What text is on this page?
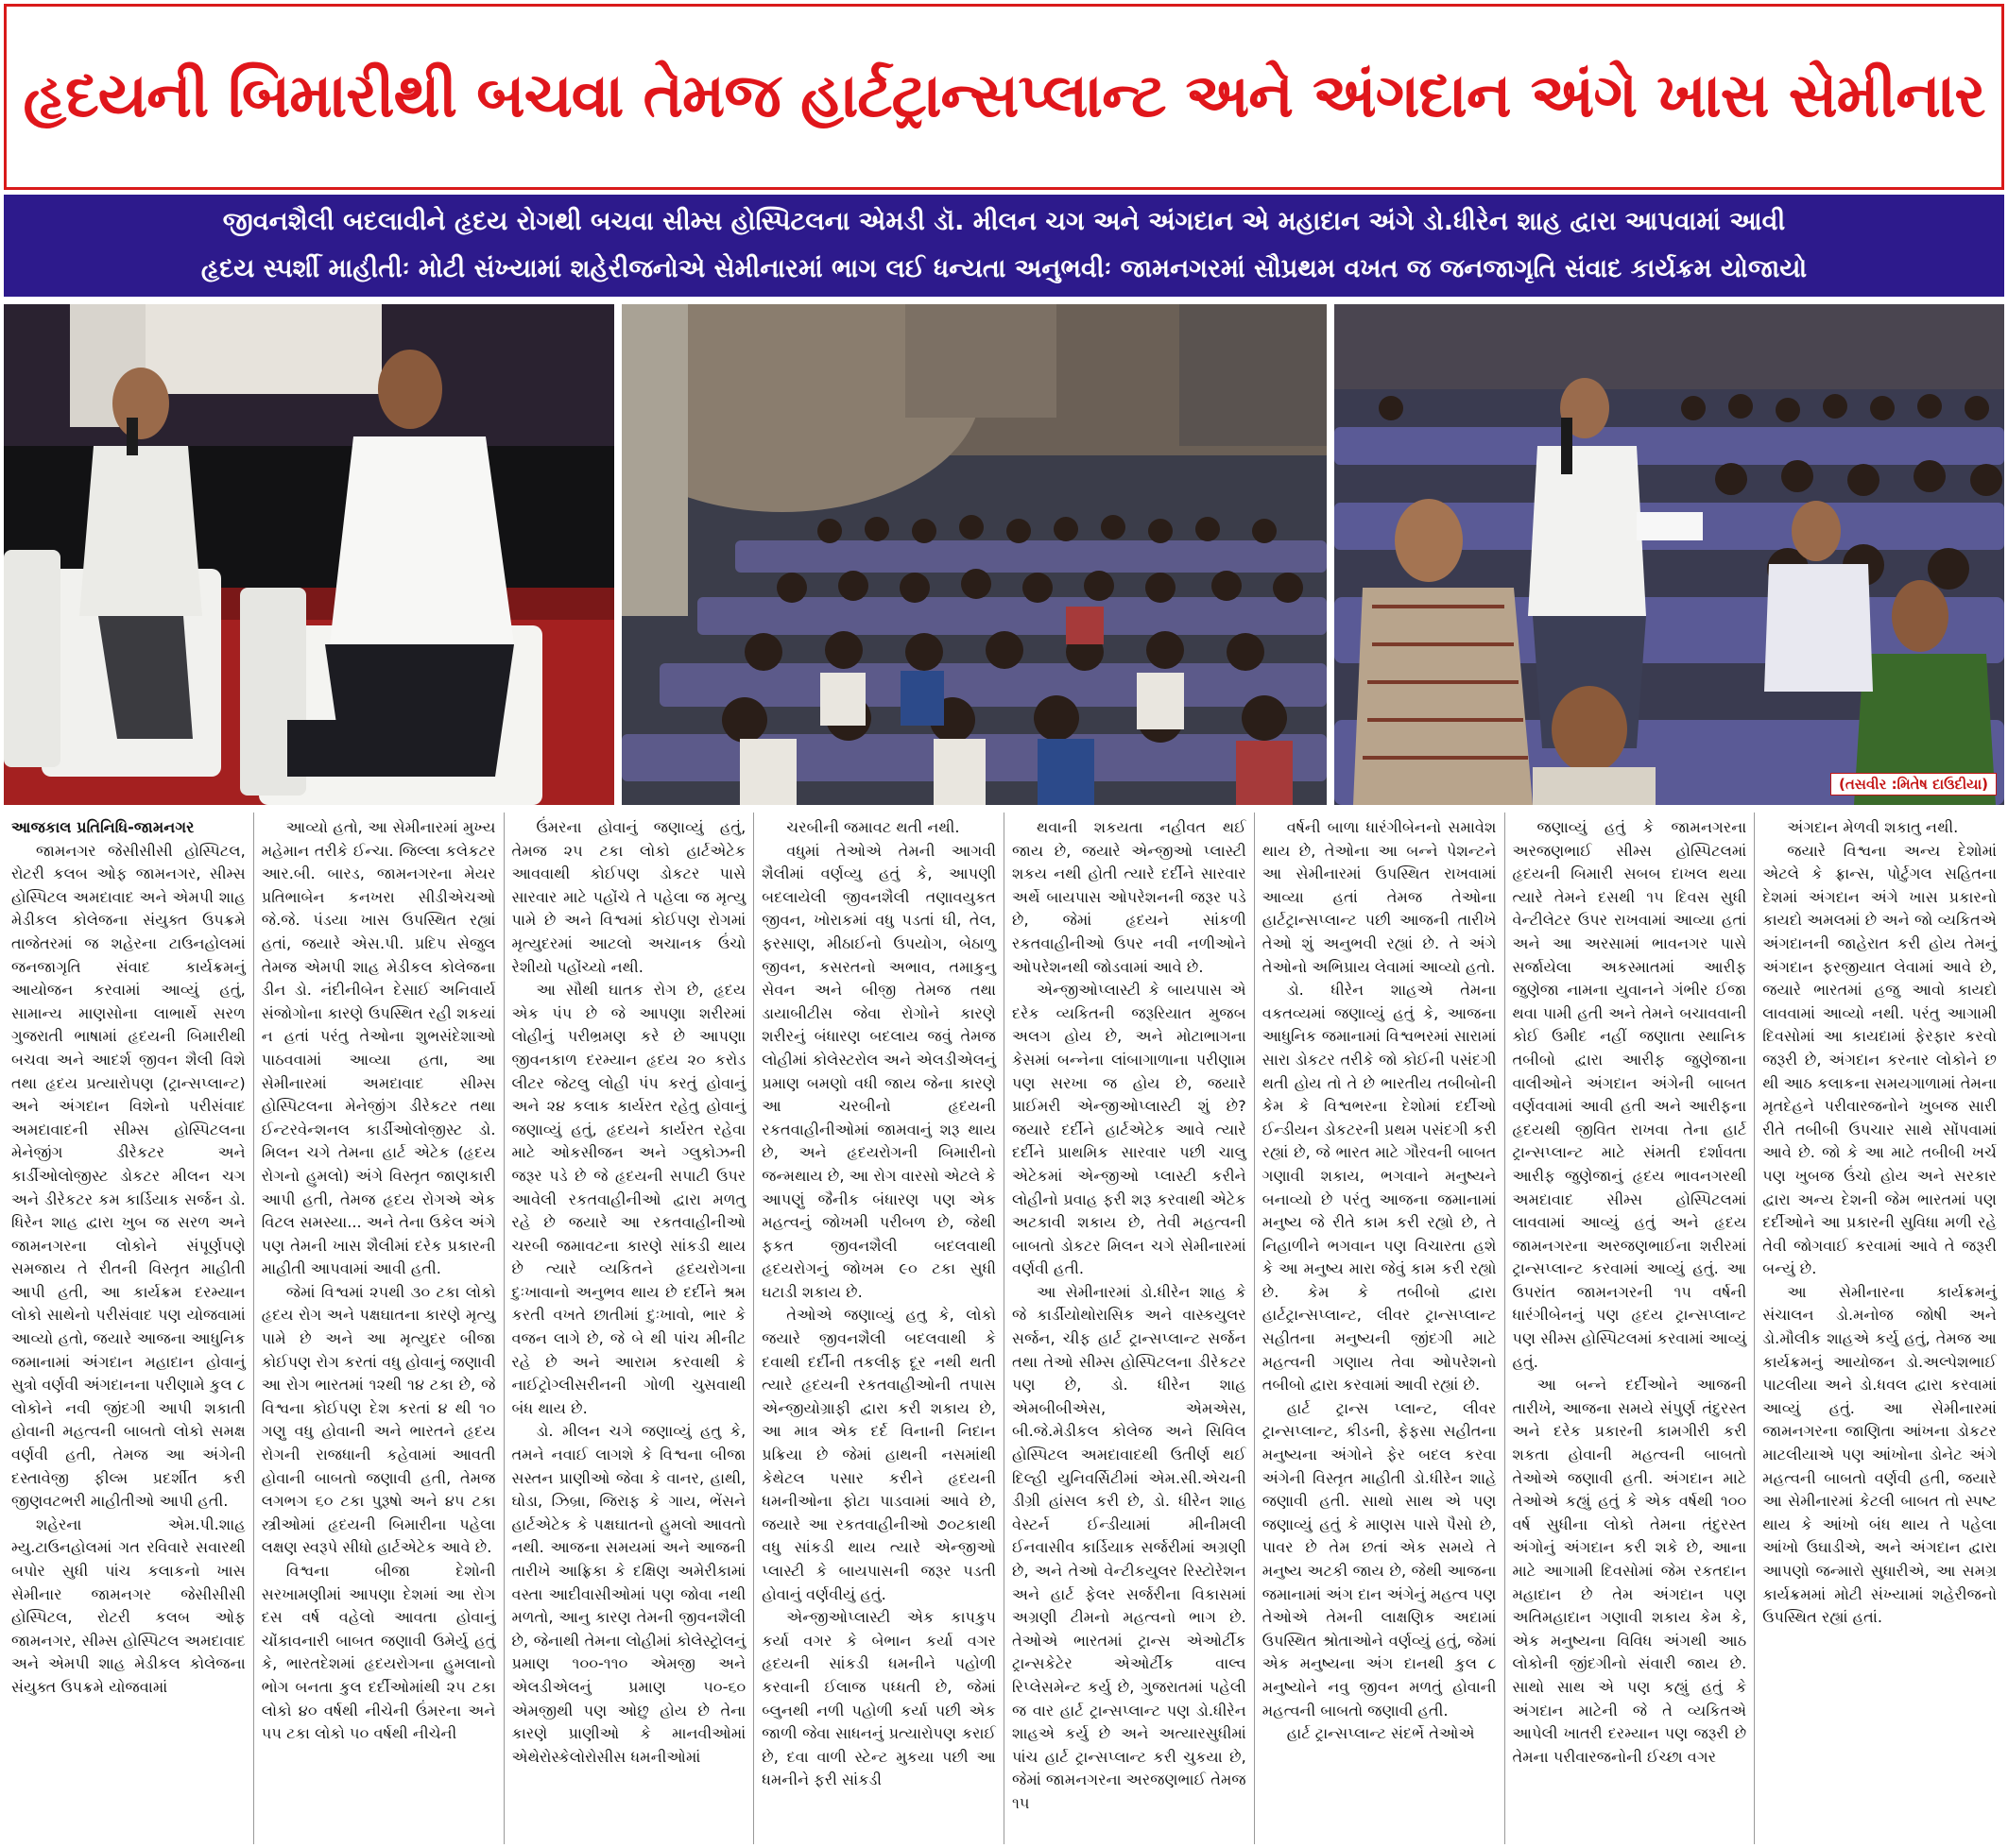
હૃદયની બિમારીથી બચવા તેમજ હાર્ટટ્રાન્સપ્લાન્ટ અને અંગદાન અંગે ખાસ સેમીનાર
જીવનશૈલી બદલાવીને હૃદય રોગથી બચવા સીમ્સ હોસ્પિટલના એમડી ડૉ. મીલન ચગ અને અંગદાન એ મહાદાન અંગે ડો.ધીરેન શાહ દ્વારા આપવામાં આવી
હૃદય સ્પર્શી માહીતીઃ મોટી સંખ્યામાં શહેરીજનોએ સેમીનારમાં ભાગ લઈ ધન્યતા અનુભવીઃ જામનગરમાં સૌપ્રથમ વખત જ જનજાગૃતિ સંવાદ કાર્યક્રમ યોજાયો
(તસવીર :મિતેષ દાઉદીયા)

આજકાલ પ્રતિનિધિ-જામનગર

જામનગર જેસીસીસી હોસ્પિટલ, રોટરી કલબ ઓફ જામનગર, સીમ્સ હોસ્પિટલ અમદાવાદ અને એમપી શાહ મેડીકલ કોલેજના સંયુક્ત ઉપક્રમે તાજેતરમાં જ શહેરના ટાઉનહોલમાં જનજાગૃતિ સંવાદ કાર્યક્રમનું આયોજન કરવામાં આવ્યું હતું, સામાન્ય માણસોના લાભાર્થે સરળ ગુજરાતી ભાષામાં હૃદયની બિમારીથી બચવા અને આદર્શ જીવન શૈલી વિશે તથા હૃદય પ્રત્યારોપણ (ટ્રાન્સપ્લાન્ટ) અને અંગદાન વિશેનો પરીસંવાદ અમદાવાદની સીમ્સ હોસ્પિટલના મેનેજીંગ ડીરેકટર અને કાર્ડીઓલોજીસ્ટ ડોકટર મીલન ચગ અને ડીરેકટર કમ કાર્ડિયાક સર્જન ડો. ધિરેન શાહ દ્વારા ખુબ જ સરળ અને જામનગરના લોકોને સંપૂર્ણપણે સમજાય તે રીતની વિસ્તૃત માહીતી આપી હતી, આ કાર્યક્રમ દરમ્યાન લોકો સાથેનો પરીસંવાદ પણ યોજવામાં આવ્યો હતો, જયારે આજના આધુનિક જમાનામાં અંગદાન મહાદાન હોવાનું સુત્રો વર્ણવી અંગદાનના પરીણામે કુલ ૮ લોકોને નવી જીંદગી આપી શકાતી હોવાની મહત્વની બાબતો લોકો સમક્ષ વર્ણવી હતી, તેમજ આ અંગેની દસ્તાવેજી ફીલ્મ પ્રદર્શીત કરી જીણવટભરી માહીતીઓ આપી હતી.

શહેરના એમ.પી.શાહ મ્યુ.ટાઉનહોલમાં ગત રવિવારે સવારથી બપોર સુધી પાંચ કલાકનો ખાસ સેમીનાર જામનગર જેસીસીસી હોસ્પિટલ, રોટરી કલબ ઓફ જામનગર, સીમ્સ હોસ્પિટલ અમદાવાદ અને એમપી શાહ મેડીકલ કોલેજના સંયુક્ત ઉપક્રમે યોજવામાં

આવ્યો હતો, આ સેમીનારમાં મુખ્ય મહેમાન તરીકે ઈન્ચા. જિલ્લા કલેકટર આર.બી. બારડ, જામનગરના મેયર પ્રતિભાબેન કનખરા સીડીએચઓ જે.જે. પંડયા ખાસ ઉપસ્થિત રહ્યાં હતાં, જયારે એસ.પી. પ્રદિપ સેજુલ તેમજ એમપી શાહ મેડીકલ કોલેજના ડીન ડો. નંદીનીબેન દેસાઈ અનિવાર્ય સંજોગોના કારણે ઉપસ્થિત રહી શકયાં ન હતાં પરંતુ તેઓના શુભસંદેશાઓ પાઠવવામાં આવ્યા હતા, આ સેમીનારમાં અમદાવાદ સીમ્સ હોસ્પિટલના મેનેજીંગ ડીરેકટર તથા ઈન્ટરવેન્શનલ કાર્ડીઓલોજીસ્ટ ડો. મિલન ચગે તેમના હાર્ટ એટેક (હૃદય રોગનો હુમલો) અંગે વિસ્તૃત જાણકારી આપી હતી, તેમજ હૃદય રોગએ એક વિટલ સમસ્યા... અને તેના ઉકેલ અંગે પણ તેમની ખાસ શૈલીમાં દરેક પ્રકારની માહીતી આપવામાં આવી હતી.

જેમાં વિશ્વમાં ૨૫થી ૩૦ ટકા લોકો હૃદય રોગ અને પક્ષઘાતના કારણે મૃત્યુ પામે છે અને આ મૃત્યુદર બીજા કોઈપણ રોગ કરતાં વધુ હોવાનું જણાવી આ રોગ ભારતમાં ૧૨થી ૧૪ ટકા છે, જે વિશ્વના કોઈપણ દેશ કરતાં ૪ થી ૧૦ ગણુ વધુ હોવાની અને ભારતને હૃદય રોગની રાજધાની કહેવામાં આવતી હોવાની બાબતો જણાવી હતી, તેમજ લગભગ ૬૦ ટકા પુરૂષો અને ૪૫ ટકા સ્ત્રીઓમાં હૃદયની બિમારીના પહેલા લક્ષણ સ્વરૂપે સીધો હાર્ટએટેક આવે છે.

વિશ્વના બીજા દેશોની સરખામણીમાં આપણા દેશમાં આ રોગ દસ વર્ષ વહેલો આવતા હોવાનું ચોંકાવનારી બાબત જણાવી ઉમેર્યુ હતું કે, ભારતદેશમાં હૃદયરોગના હુમલાનો ભોગ બનતા કુલ દર્દીઓમાંથી ૨૫ ટકા લોકો ૪૦ વર્ષથી નીચેની ઉંમરના અને ૫૫ ટકા લોકો ૫૦ વર્ષથી નીચેની

ઉંમરના હોવાનું જણાવ્યું હતું, તેમજ ૨૫ ટકા લોકો હાર્ટએટેક આવવાથી કોઈપણ ડોકટર પાસે સારવાર માટે પહોંચે તે પહેલા જ મૃત્યુ પામે છે અને વિશ્વમાં કોઈપણ રોગમાં મૃત્યુદરમાં આટલો અચાનક ઉંચો રેશીયો પહોંચ્યો નથી.

આ સૌથી ઘાતક રોગ છે, હૃદય એક પંપ છે જે આપણા શરીરમાં લોહીનું પરીભ્રમણ કરે છે આપણા જીવનકાળ દરમ્યાન હૃદય ૨૦ કરોડ લીટર જેટલુ લોહી પંપ કરતું હોવાનું અને ૨૪ કલાક કાર્યરત રહેતુ હોવાનું જણાવ્યું હતું, હૃદયને કાર્યરત રહેવા માટે ઓકસીજન અને ગ્લુકોઝની જરૂર પડે છે જે હૃદયની સપાટી ઉપર આવેલી રકતવાહીનીઓ દ્વારા મળતુ રહે છે જયારે આ રકતવાહીનીઓ ચરબી જમાવટના કારણે સાંકડી થાય છે ત્યારે વ્યકિતને હૃદયરોગના દુઃખાવાનો અનુભવ થાય છે દર્દીને શ્રમ કરતી વખતે છાતીમાં દુઃખાવો, ભાર કે વજન લાગે છે, જે બે થી પાંચ મીનીટ રહે છે અને આરામ કરવાથી કે નાઈટ્રોગ્લીસરીનની ગોળી ચુસવાથી બંધ થાય છે.

ડો. મીલન ચગે જણાવ્યું હતુ કે, તમને નવાઈ લાગશે કે વિશ્વના બીજા સસ્તન પ્રાણીઓ જેવા કે વાનર, હાથી, ઘોડા, ઝિબ્રા, જિરાફ કે ગાય, ભેંસને હાર્ટએટેક કે પક્ષઘાતનો હુમલો આવતો નથી. આજના સમયમાં અને આજની તારીખે આફ્રિકા કે દક્ષિણ અમેરીકામાં વસ્તા આદીવાસીઓમાં પણ જોવા નથી મળતો, આનુ કારણ તેમની જીવનશૈલી છે, જેનાથી તેમના લોહીમાં કોલેસ્ટ્રોલનું પ્રમાણ ૧૦૦-૧૧૦ એમજી અને એલડીએલનું પ્રમાણ ૫૦-૬૦ એમજીથી પણ ઓછુ હોય છે તેના કારણે પ્રાણીઓ કે માનવીઓમાં એથેરોસ્કેલોરોસીસ ધમનીઓમાં

ચરબીની જમાવટ થતી નથી.

વધુમાં તેઓએ તેમની આગવી શૈલીમાં વર્ણવ્યુ હતું કે, આપણી બદલાયેલી જીવનશૈલી તણાવયુકત જીવન, ખોરાકમાં વધુ પડતાં ઘી, તેલ, ફરસાણ, મીઠાઈનો ઉપયોગ, બેઠાળુ જીવન, કસરતનો અભાવ, તમાકુનુ સેવન અને બીજી તેમજ તથા ડાયાબીટીસ જેવા રોગોને કારણે શરીરનું બંધારણ બદલાય જવું તેમજ લોહીમાં કોલેસ્ટરોલ અને એલડીએલનું પ્રમાણ બમણો વધી જાય જેના કારણે આ ચરબીનો હૃદયની રકતવાહીનીઓમાં જામવાનું શરૂ થાય છે, અને હૃદયરોગની બિમારીનો જન્મથાય છે, આ રોગ વારસો એટલે કે આપણું જૈનીક બંધારણ પણ એક મહત્વનું જોખમી પરીબળ છે, જેથી ફકત જીવનશૈલી બદલવાથી હૃદયરોગનું જોખમ ૯૦ ટકા સુધી ઘટાડી શકાય છે.

તેઓએ જણાવ્યું હતુ કે, લોકો જયારે જીવનશૈલી બદલવાથી કે દવાથી દર્દીની તકલીફ દૂર નથી થતી ત્યારે હૃદયની રકતવાહીઓની તપાસ એન્જીયોગ્રાફી દ્વારા કરી શકાય છે, આ માત્ર એક દર્દ વિનાની નિદાન પ્રક્રિયા છે જેમાં હાથની નસમાંથી કેથેટલ પસાર કરીને હૃદયની ધમનીઓના ફોટા પાડવામાં આવે છે, જયારે આ રકતવાહીનીઓ ૭૦ટકાથી વધુ સાંકડી થાય ત્યારે એન્જીઓ પ્લાસ્ટી કે બાયપાસની જરૂર પડતી હોવાનું વર્ણવીયું હતું.

એન્જીઓપ્લાસ્ટી એક કાપકુપ કર્યા વગર કે બેભાન કર્યા વગર હૃદયની સાંકડી ધમનીને પહોળી કરવાની ઈલાજ પધ્ધતી છે, જેમાં બ્લુનથી નળી પહોળી કર્યા પછી એક જાળી જેવા સાધનનું પ્રત્યારોપણ કરાઈ છે, દવા વાળી સ્ટેન્ટ મુકયા પછી આ ધમનીને ફરી સાંકડી

થવાની શકયતા નહીવત થઈ જાય છે, જયારે એન્જીઓ પ્લાસ્ટી શકય નથી હોતી ત્યારે દર્દીને સારવાર અર્થે બાયપાસ ઓપરેશનની જરૂર પડે છે, જેમાં હૃદયને સાંકળી રકતવાહીનીઓ ઉપર નવી નળીઓને ઓપરેશનથી જોડવામાં આવે છે.

એન્જીઓપ્લાસ્ટી કે બાયપાસ એ દરેક વ્યકિતની જરૂરિયાત મુજબ અલગ હોય છે, અને મોટાભાગના કેસમાં બન્નેના લાંબાગાળાના પરીણામ પણ સરખા જ હોય છે, જયારે પ્રાઈમરી એન્જીઓપ્લાસ્ટી શું છે? જયારે દર્દીને હાર્ટએટેક આવે ત્યારે દર્દીને પ્રાથમિક સારવાર પછી ચાલુ એટેકમાં એન્જીઓ પ્લાસ્ટી કરીને લોહીનો પ્રવાહ ફરી શરૂ કરવાથી એટેક અટકાવી શકાય છે, તેવી મહત્વની બાબતો ડોકટર મિલન ચગે સેમીનારમાં વર્ણવી હતી.

આ સેમીનારમાં ડો.ધીરેન શાહ કે જે કાર્ડીયોથોરાસિક અને વાસ્કયુલર સર્જન, ચીફ હાર્ટ ટ્રાન્સપ્લાન્ટ સર્જન તથા તેઓ સીમ્સ હોસ્પિટલના ડીરેકટર પણ છે, ડો. ધીરેન શાહ એમબીબીએસ, એમએસ, બી.જે.મેડીકલ કોલેજ અને સિવિલ હોસ્પિટલ અમદાવાદથી ઉતીર્ણ થઈ દિલ્હી યુનિવર્સિટીમાં એમ.સી.એચની ડીગ્રી હાંસલ કરી છે, ડો. ધીરેન શાહ વેસ્ટર્ન ઈન્ડીયામાં મીનીમલી ઈનવાસીવ કાર્ડિયાક સર્જરીમાં અગ્રણી છે, અને તેઓ વેન્ટીકયુલર રિસ્ટોરેશન અને હાર્ટ ફેલર સર્જરીના વિકાસમાં અગ્રણી ટીમનો મહત્વનો ભાગ છે. તેઓએ ભારતમાં ટ્રાન્સ એઓર્ટીક ટ્રાન્સકેટેર એઓર્ટીક વાલ્વ રિપ્લેસમેન્ટ કર્યુ છે, ગુજરાતમાં પહેલી જ વાર હાર્ટ ટ્રાન્સપ્લાન્ટ પણ ડો.ધીરેન શાહએ કર્યુ છે અને અત્યારસુધીમાં પાંચ હાર્ટ ટ્રાન્સપ્લાન્ટ કરી ચુકયા છે, જેમાં જામનગરના અરજણભાઈ તેમજ ૧૫

વર્ષની બાળા ધારંગીબેનનો સમાવેશ થાય છે, તેઓના આ બન્ને પેશન્ટને આ સેમીનારમાં ઉપસ્થિત રાખવામાં આવ્યા હતાં તેમજ તેઓના હાર્ટટ્રાન્સપ્લાન્ટ પછી આજની તારીખે તેઓ શું અનુભવી રહ્યાં છે. તે અંગે તેઓનો અભિપ્રાય લેવામાં આવ્યો હતો.

ડો. ધીરેન શાહએ તેમના વકતવ્યમાં જણાવ્યું હતું કે, આજના આધુનિક જમાનામાં વિશ્વભરમાં સારામાં સારા ડોકટર તરીકે જો કોઈની પસંદગી થતી હોય તો તે છે ભારતીય તબીબોની કેમ કે વિશ્વભરના દેશોમાં દર્દીઓ ઈન્ડીયન ડોકટરની પ્રથમ પસંદગી કરી રહ્યાં છે, જે ભારત માટે ગૌરવની બાબત ગણાવી શકાય, ભગવાને મનુષ્યને બનાવ્યો છે પરંતુ આજના જમાનામાં મનુષ્ય જે રીતે કામ કરી રહ્યો છે, તે નિહાળીને ભગવાન પણ વિચારતા હશે કે આ મનુષ્ય મારા જેવું કામ કરી રહ્યો છે. કેમ કે તબીબો દ્વારા હાર્ટટ્રાન્સપ્લાન્ટ, લીવર ટ્રાન્સપ્લાન્ટ સહીતના મનુષ્યની જીંદગી માટે મહત્વની ગણાય તેવા ઓપરેશનો તબીબો દ્વારા કરવામાં આવી રહ્યાં છે.

હાર્ટ ટ્રાન્સ પ્લાન્ટ, લીવર ટ્રાન્સપ્લાન્ટ, કીડની, ફેફસા સહીતના મનુષ્યના અંગોને ફેર બદલ કરવા અંગેની વિસ્તૃત માહીતી ડો.ધીરેન શાહે જણાવી હતી. સાથો સાથ એ પણ જણાવ્યું હતું કે માણસ પાસે પૈસો છે, પાવર છે તેમ છતાં એક સમયે તે મનુષ્ય અટકી જાય છે, જેથી આજના જમાનામાં અંગ દાન અંગેનું મહત્વ પણ તેઓએ તેમની લાક્ષણિક અદામાં ઉપસ્થિત શ્રોતાઓને વર્ણવ્યું હતું, જેમાં એક મનુષ્યના અંગ દાનથી કુલ ૮ મનુષ્યોને નવુ જીવન મળતું હોવાની મહત્વની બાબતો જણાવી હતી.

હાર્ટ ટ્રાન્સપ્લાન્ટ સંદર્ભે તેઓએ

જણાવ્યું હતું કે જામનગરના અરજણભાઈ સીમ્સ હોસ્પિટલમાં હૃદયની બિમારી સબબ દાખલ થયા ત્યારે તેમને દસથી ૧૫ દિવસ સુધી વેન્ટીલેટર ઉપર રાખવામાં આવ્યા હતાં અને આ અરસામાં ભાવનગર પાસે સર્જાયેલા અકસ્માતમાં આરીફ જુણેજા નામના યુવાનને ગંભીર ઈજા થવા પામી હતી અને તેમને બચાવવાની કોઈ ઉમીદ નહીં જણાતા સ્થાનિક તબીબો દ્વારા આરીફ જુણેજાના વાલીઓને અંગદાન અંગેની બાબત વર્ણવવામાં આવી હતી અને આરીફના હૃદયથી જીવિત રાખવા તેના હાર્ટ ટ્રાન્સપ્લાન્ટ માટે સંમતી દર્શાવતા આરીફ જુણેજાનું હૃદય ભાવનગરથી અમદાવાદ સીમ્સ હોસ્પિટલમાં લાવવામાં આવ્યું હતું અને હૃદય જામનગરના અરજણભાઈના શરીરમાં ટ્રાન્સપ્લાન્ટ કરવામાં આવ્યું હતું. આ ઉપરાંત જામનગરની ૧૫ વર્ષની ધારંગીબેનનું પણ હૃદય ટ્રાન્સપ્લાન્ટ પણ સીમ્સ હોસ્પિટલમાં કરવામાં આવ્યું હતું.

આ બન્ને દર્દીઓને આજની તારીખે, આજના સમયે સંપુર્ણ તંદુરસ્ત અને દરેક પ્રકારની કામગીરી કરી શકતા હોવાની મહત્વની બાબતો તેઓએ જણાવી હતી. અંગદાન માટે તેઓએ કહ્યું હતું કે એક વર્ષથી ૧૦૦ વર્ષ સુધીના લોકો તેમના તંદુરસ્ત અંગોનું અંગદાન કરી શકે છે, આના માટે આગામી દિવસોમાં જેમ રકતદાન મહાદાન છે તેમ અંગદાન પણ અતિમહાદાન ગણાવી શકાય કેમ કે, એક મનુષ્યના વિવિધ અંગથી આઠ લોકોની જીંદગીનો સંવારી જાય છે. સાથો સાથ એ પણ કહ્યું હતું કે અંગદાન માટેની જે તે વ્યકિતએ આપેલી ખાતરી દરમ્યાન પણ જરૂરી છે તેમના પરીવારજનોની ઈચ્છા વગર

અંગદાન મેળવી શકાતુ નથી.

જયારે વિશ્વના અન્ય દેશોમાં એટલે કે ફ્રાન્સ, પોર્ટુગલ સહિતના દેશમાં અંગદાન અંગે ખાસ પ્રકારનો કાયદો અમલમાં છે અને જો વ્યકિતએ અંગદાનની જાહેરાત કરી હોય તેમનું અંગદાન ફરજીયાત લેવામાં આવે છે, જયારે ભારતમાં હજુ આવો કાયદો લાવવામાં આવ્યો નથી. પરંતુ આગામી દિવસોમાં આ કાયદામાં ફેરફાર કરવો જરૂરી છે, અંગદાન કરનાર લોકોને છ થી આઠ કલાકના સમયગાળામાં તેમના મૃતદેહને પરીવારજનોને ખુબજ સારી રીતે તબીબી ઉપચાર સાથે સોંપવામાં આવે છે. જો કે આ માટે તબીબી ખર્ચ પણ ખુબજ ઉંચો હોય અને સરકાર દ્વારા અન્ય દેશની જેમ ભારતમાં પણ દર્દીઓને આ પ્રકારની સુવિધા મળી રહે તેવી જોગવાઈ કરવામાં આવે તે જરૂરી બન્યું છે.

આ સેમીનારના કાર્યક્રમનું સંચાલન ડો.મનોજ જોષી અને ડો.મૌલીક શાહએ કર્યુ હતું, તેમજ આ કાર્યક્રમનું આયોજન ડો.અલ્પેશભાઈ પાટલીયા અને ડો.ધવલ દ્વારા કરવામાં આવ્યું હતું. આ સેમીનારમાં જામનગરના જાણિતા આંખના ડોકટર માટલીયાએ પણ આંખોના ડોનેટ અંગે મહત્વની બાબતો વર્ણવી હતી, જયારે આ સેમીનારમાં કેટલી બાબત તો સ્પષ્ટ થાય કે આંખો બંધ થાય તે પહેલા આંખો ઉઘાડીએ, અને અંગદાન દ્વારા આપણો જન્મારો સુધારીએ, આ સમગ્ર કાર્યક્રમમાં મોટી સંખ્યામાં શહેરીજનો ઉપસ્થિત રહ્યાં હતાં.
